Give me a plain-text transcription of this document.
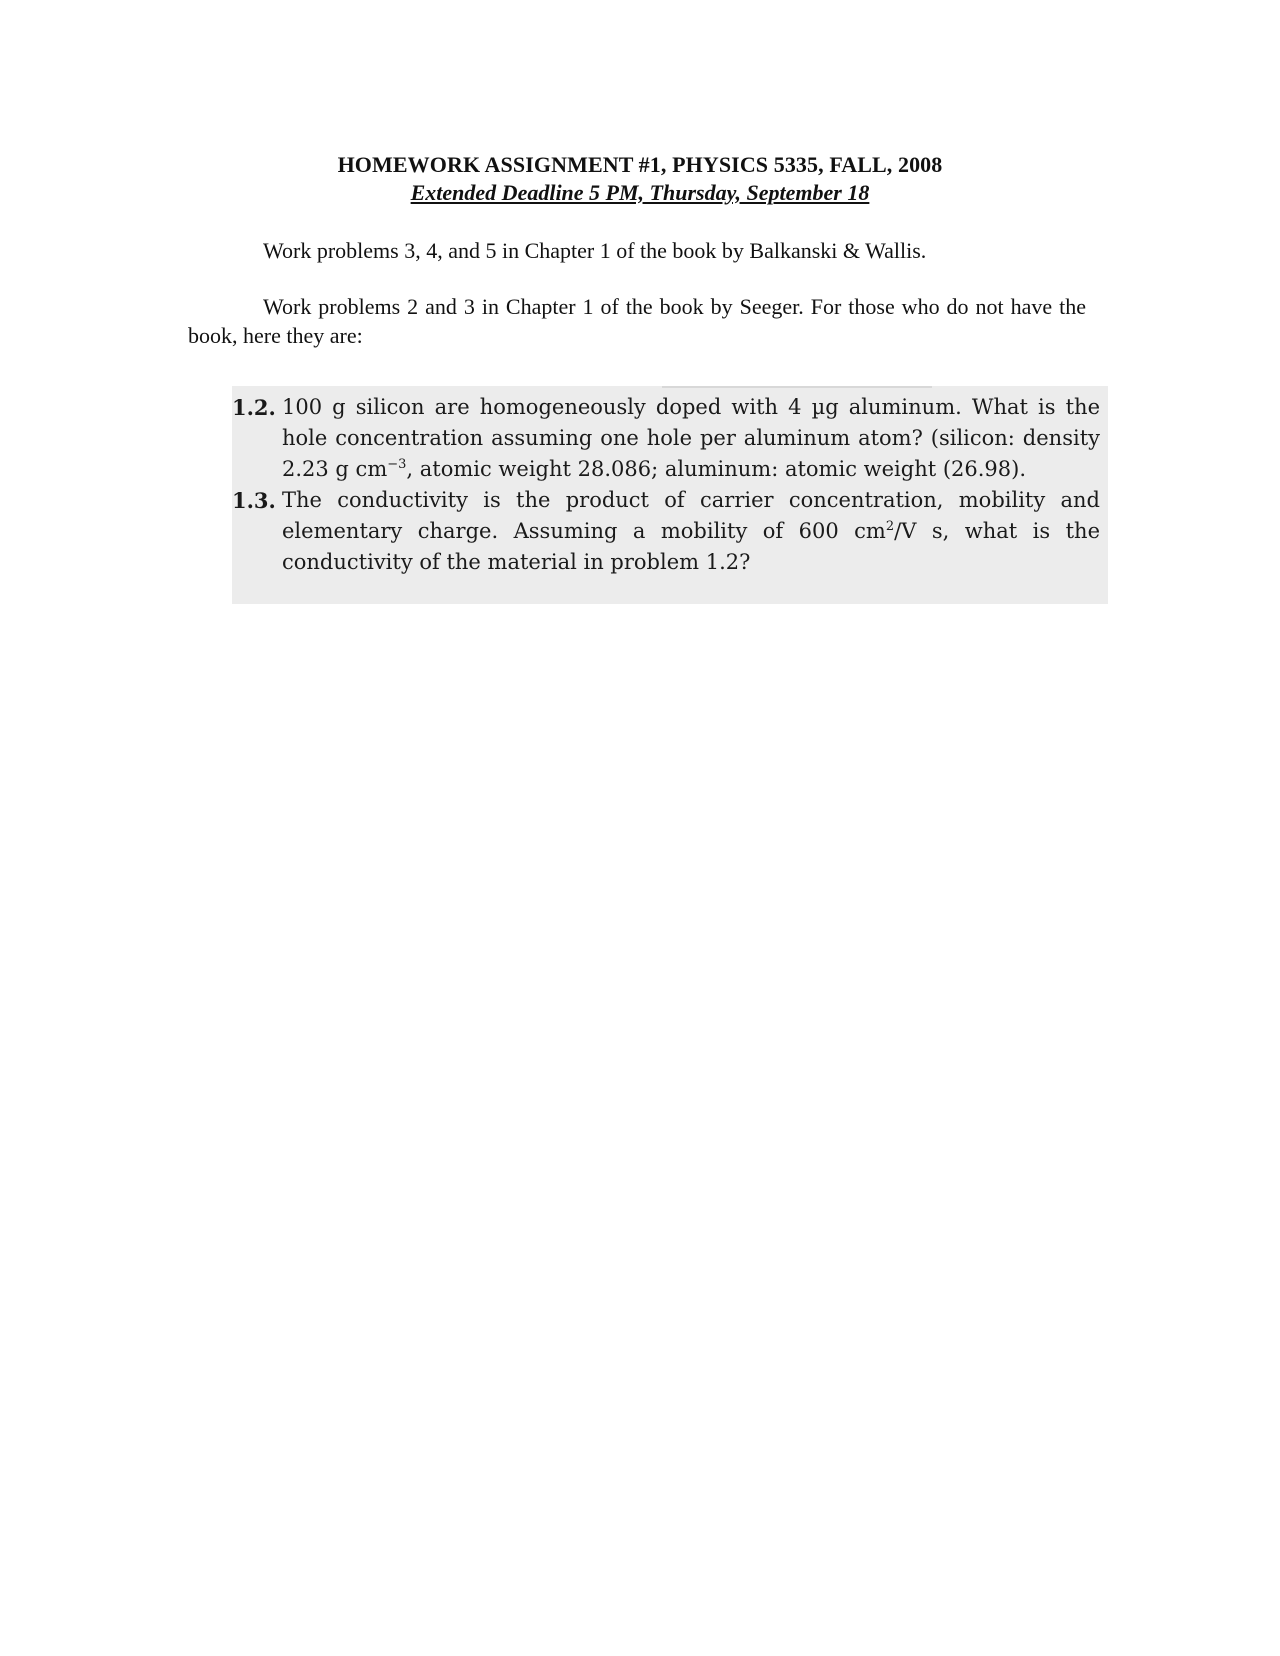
HOMEWORK ASSIGNMENT #1, PHYSICS 5335, FALL, 2008
Extended Deadline 5 PM, Thursday, September 18
Work problems 3, 4, and 5 in Chapter 1 of the book by Balkanski & Wallis.
Work problems 2 and 3 in Chapter 1 of the book by Seeger. For those who do not have the book, here they are:
1.2. 100 g silicon are homogeneously doped with 4 µg aluminum. What is the hole concentration assuming one hole per aluminum atom? (silicon: density 2.23 g $cm^{-3}$, atomic weight 28.086; aluminum: atomic weight (26.98).
1.3. The conductivity is the product of carrier concentration, mobility and elementary charge. Assuming a mobility of 600 $cm^2/V$ s, what is the conductivity of the material in problem 1.2?
